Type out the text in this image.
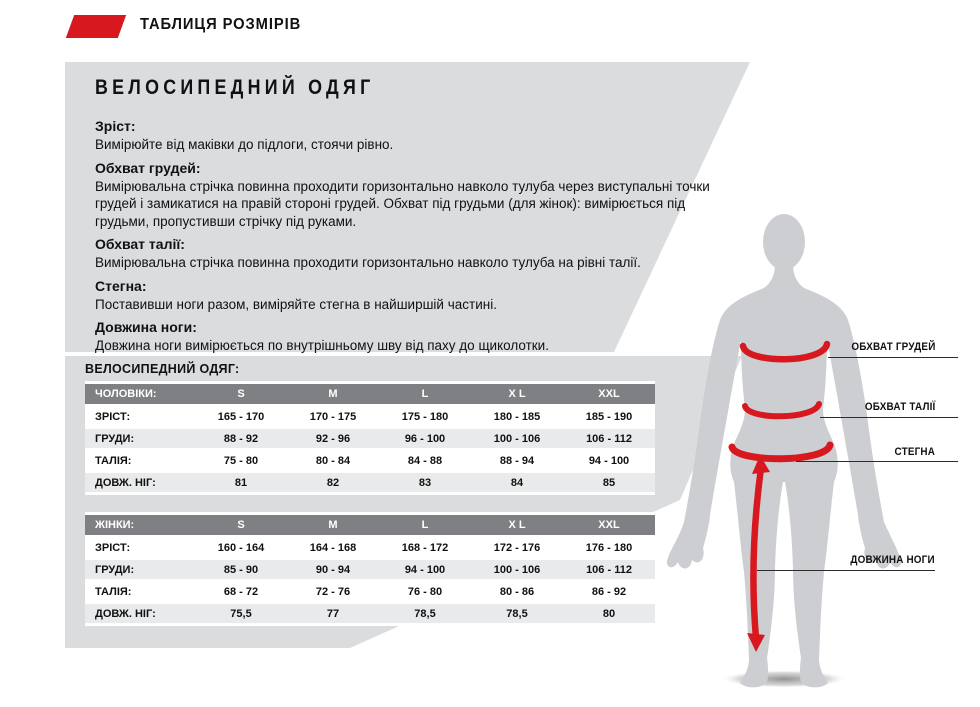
ТАБЛИЦЯ РОЗМІРІВ
ВЕЛОСИПЕДНИЙ ОДЯГ
Зріст:

Вимірюйте від маківки до підлоги, стоячи рівно.

Обхват грудей:

Вимірювальна стрічка повинна проходити горизонтально навколо тулуба через виступальні точки грудей і замикатися на правій стороні грудей. Обхват під грудьми (для жінок): вимірюється під грудьми, пропустивши стрічку під руками.

Обхват талії:

Вимірювальна стрічка повинна проходити горизонтально навколо тулуба на рівні талії.

Стегна:

Поставивши ноги разом, виміряйте стегна в найширшій частині.

Довжина ноги:

Довжина ноги вимірюється по внутрішньому шву від паху до щиколотки.

ВЕЛОСИПЕДНИЙ ОДЯГ:
ЧОЛОВІКИ:	S	M	L	X L	XXL
ЗРІСТ:	165 - 170	170 - 175	175 - 180	180 - 185	185 - 190
ГРУДИ:	88 - 92	92 - 96	96 - 100	100 - 106	106 - 112
ТАЛІЯ:	75 - 80	80 - 84	84 - 88	88 - 94	94 - 100
ДОВЖ. НІГ:	81	82	83	84	85
ЖІНКИ:	S	M	L	X L	XXL
ЗРІСТ:	160 - 164	164 - 168	168 - 172	172 - 176	176 - 180
ГРУДИ:	85 - 90	90 - 94	94 - 100	100 - 106	106 - 112
ТАЛІЯ:	68 - 72	72 - 76	76 - 80	80 - 86	86 - 92
ДОВЖ. НІГ:	75,5	77	78,5	78,5	80
ОБХВАТ ГРУДЕЙ
ОБХВАТ ТАЛІЇ
СТЕГНА
ДОВЖИНА НОГИ
